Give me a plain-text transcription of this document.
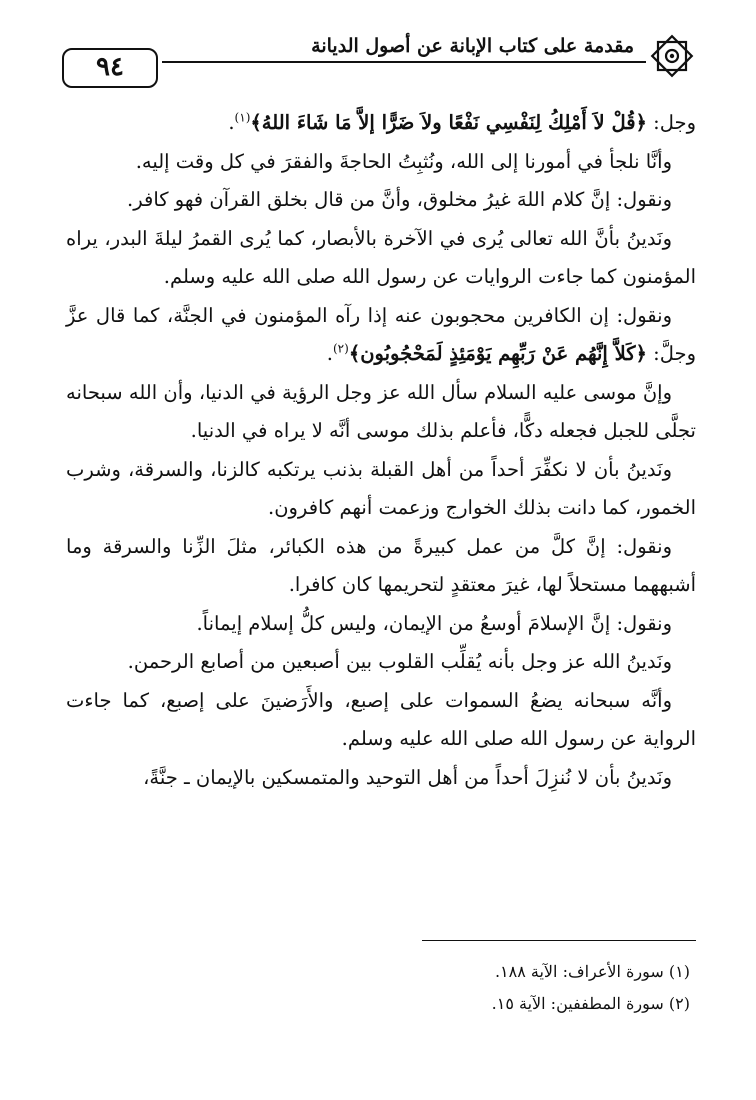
مقدمة على كتاب الإبانة عن أصول الديانة
٩٤

وجل: ﴿قُلْ لاَ أَمْلِكُ لِنَفْسِي نَفْعًا ولاَ ضَرًّا إلاَّ مَا شَاءَ اللهُ﴾$^{(١)}$.

وأنَّا نلجأ في أمورنا إلى الله، ونُثبِتُ الحاجةَ والفقرَ في كل وقت إليه.

ونقول: إنَّ كلام اللهَ غيرُ مخلوق، وأنَّ من قال بخلق القرآن فهو كافر.

ونَدينُ بأنَّ الله تعالى يُرى في الآخرة بالأبصار، كما يُرى القمرُ ليلةَ البدر، يراه المؤمنون كما جاءت الروايات عن رسول الله صلى الله عليه وسلم.

ونقول: إن الكافرين محجوبون عنه إذا رآه المؤمنون في الجنَّة، كما قال عزَّ وجلَّ: ﴿كَلاَّ إِنَّهُم عَنْ رَبِّهِم يَوْمَئِذٍ لَمَحْجُوبُون﴾$^{(٢)}$.

وإنَّ موسى عليه السلام سأل الله عز وجل الرؤية في الدنيا، وأن الله سبحانه تجلَّى للجبل فجعله دكًّا، فأعلم بذلك موسى أنَّه لا يراه في الدنيا.

ونَدينُ بأن لا نكفِّرَ أحداً من أهل القبلة بذنب يرتكبه كالزنا، والسرقة، وشرب الخمور، كما دانت بذلك الخوارج وزعمت أنهم كافرون.

ونقول: إنَّ كلَّ من عمل كبيرةً من هذه الكبائر، مثلَ الزِّنا والسرقة وما أشبههما مستحلاً لها، غيرَ معتقدٍ لتحريمها كان كافرا.

ونقول: إنَّ الإسلامَ أوسعُ من الإيمان، وليس كلُّ إسلام إيماناً.

ونَدينُ الله عز وجل بأنه يُقلِّب القلوب بين أصبعين من أصابع الرحمن.

وأنَّه سبحانه يضعُ السموات على إصبع، والأَرَضينَ على إصبع، كما جاءت الرواية عن رسول الله صلى الله عليه وسلم.

ونَدينُ بأن لا نُنزِلَ أحداً من أهل التوحيد والمتمسكين بالإيمان ـ جنَّةً،

(١) سورة الأعراف: الآية ١٨٨.

(٢) سورة المطففين: الآية ١٥.
